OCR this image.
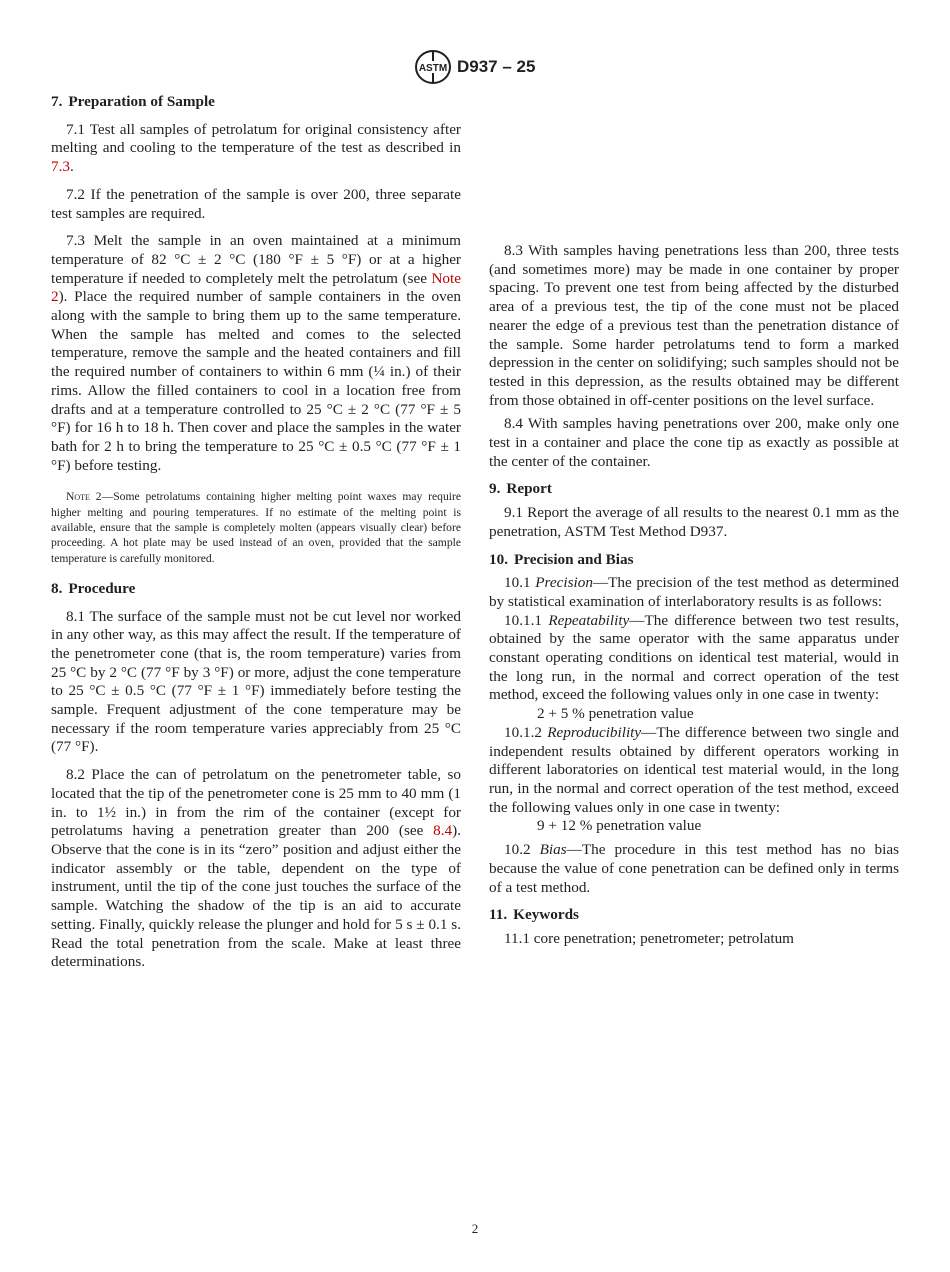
ASTM D937 – 25
7. Preparation of Sample

7.1 Test all samples of petrolatum for original consistency after melting and cooling to the temperature of the test as described in 7.3.

7.2 If the penetration of the sample is over 200, three separate test samples are required.

7.3 Melt the sample in an oven maintained at a minimum temperature of 82 °C ± 2 °C (180 °F ± 5 °F) or at a higher temperature if needed to completely melt the petrolatum (see Note 2). Place the required number of sample containers in the oven along with the sample to bring them up to the same temperature. When the sample has melted and comes to the selected temperature, remove the sample and the heated containers and fill the required number of containers to within 6 mm (¼ in.) of their rims. Allow the filled containers to cool in a location free from drafts and at a temperature controlled to 25 °C ± 2 °C (77 °F ± 5 °F) for 16 h to 18 h. Then cover and place the samples in the water bath for 2 h to bring the temperature to 25 °C ± 0.5 °C (77 °F ± 1 °F) before testing.

Note 2—Some petrolatums containing higher melting point waxes may require higher melting and pouring temperatures. If no estimate of the melting point is available, ensure that the sample is completely molten (appears visually clear) before proceeding. A hot plate may be used instead of an oven, provided that the sample temperature is carefully monitored.

8. Procedure

8.1 The surface of the sample must not be cut level nor worked in any other way, as this may affect the result. If the temperature of the penetrometer cone (that is, the room temperature) varies from 25 °C by 2 °C (77 °F by 3 °F) or more, adjust the cone temperature to 25 °C ± 0.5 °C (77 °F ± 1 °F) immediately before testing the sample. Frequent adjustment of the cone temperature may be necessary if the room temperature varies appreciably from 25 °C (77 °F).

8.2 Place the can of petrolatum on the penetrometer table, so located that the tip of the penetrometer cone is 25 mm to 40 mm (1 in. to 1½ in.) in from the rim of the container (except for petrolatums having a penetration greater than 200 (see 8.4). Observe that the cone is in its “zero” position and adjust either the indicator assembly or the table, dependent on the type of instrument, until the tip of the cone just touches the surface of the sample. Watching the shadow of the tip is an aid to accurate setting. Finally, quickly release the plunger and hold for 5 s ± 0.1 s. Read the total penetration from the scale. Make at least three determinations.

8.3 With samples having penetrations less than 200, three tests (and sometimes more) may be made in one container by proper spacing. To prevent one test from being affected by the disturbed area of a previous test, the tip of the cone must not be placed nearer the edge of a previous test than the penetration distance of the sample. Some harder petrolatums tend to form a marked depression in the center on solidifying; such samples should not be tested in this depression, as the results obtained may be different from those obtained in off-center positions on the level surface.

8.4 With samples having penetrations over 200, make only one test in a container and place the cone tip as exactly as possible at the center of the container.

9. Report

9.1 Report the average of all results to the nearest 0.1 mm as the penetration, ASTM Test Method D937.

10. Precision and Bias

10.1 Precision—The precision of the test method as determined by statistical examination of interlaboratory results is as follows:

10.1.1 Repeatability—The difference between two test results, obtained by the same operator with the same apparatus under constant operating conditions on identical test material, would in the long run, in the normal and correct operation of the test method, exceed the following values only in one case in twenty:

2 + 5 % penetration value

10.1.2 Reproducibility—The difference between two single and independent results obtained by different operators working in different laboratories on identical test material would, in the long run, in the normal and correct operation of the test method, exceed the following values only in one case in twenty:

9 + 12 % penetration value

10.2 Bias—The procedure in this test method has no bias because the value of cone penetration can be defined only in terms of a test method.

11. Keywords

11.1 core penetration; penetrometer; petrolatum

2
